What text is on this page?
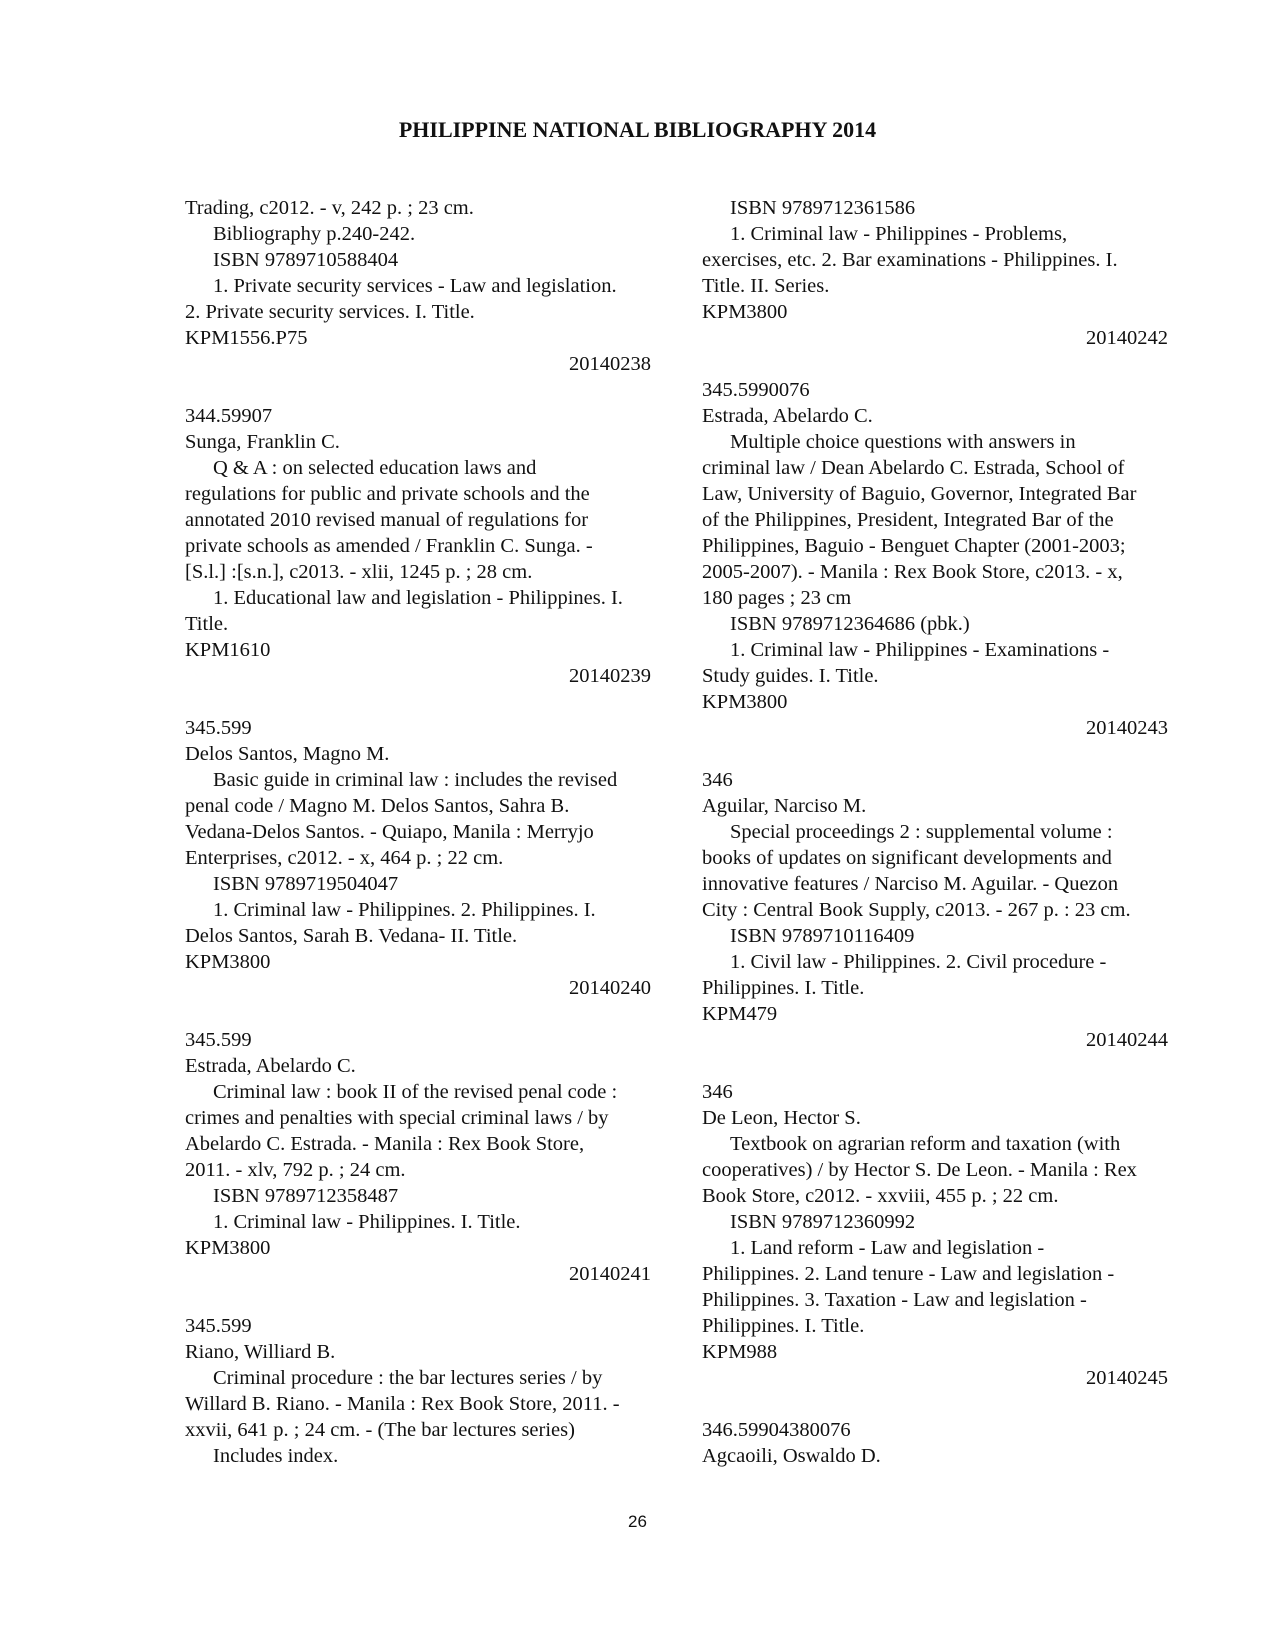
PHILIPPINE NATIONAL BIBLIOGRAPHY 2014

Trading, c2012. - v, 242 p. ; 23 cm.

Bibliography p.240-242.

ISBN 9789710588404

1. Private security services - Law and legislation.

2. Private security services. I. Title.

KPM1556.P75

20140238

344.59907

Sunga, Franklin C.

Q & A : on selected education laws and

regulations for public and private schools and the

annotated 2010 revised manual of regulations for

private schools as amended / Franklin C. Sunga. -

[S.l.] :[s.n.], c2013. - xlii, 1245 p. ; 28 cm.

1. Educational law and legislation - Philippines. I.

Title.

KPM1610

20140239

345.599

Delos Santos, Magno M.

Basic guide in criminal law : includes the revised

penal code / Magno M. Delos Santos, Sahra B.

Vedana-Delos Santos. - Quiapo, Manila : Merryjo

Enterprises, c2012. - x, 464 p. ; 22 cm.

ISBN 9789719504047

1. Criminal law - Philippines. 2. Philippines. I.

Delos Santos, Sarah B. Vedana- II. Title.

KPM3800

20140240

345.599

Estrada, Abelardo C.

Criminal law : book II of the revised penal code :

crimes and penalties with special criminal laws / by

Abelardo C. Estrada. - Manila : Rex Book Store,

2011. - xlv, 792 p. ; 24 cm.

ISBN 9789712358487

1. Criminal law - Philippines. I. Title.

KPM3800

20140241

345.599

Riano, Williard B.

Criminal procedure : the bar lectures series / by

Willard B. Riano. - Manila : Rex Book Store, 2011. -

xxvii, 641 p. ; 24 cm. - (The bar lectures series)

Includes index.

ISBN 9789712361586

1. Criminal law - Philippines - Problems,

exercises, etc. 2. Bar examinations - Philippines. I.

Title. II. Series.

KPM3800

20140242

345.5990076

Estrada, Abelardo C.

Multiple choice questions with answers in

criminal law / Dean Abelardo C. Estrada, School of

Law, University of Baguio, Governor, Integrated Bar

of the Philippines, President, Integrated Bar of the

Philippines, Baguio - Benguet Chapter (2001-2003;

2005-2007). - Manila : Rex Book Store, c2013. - x,

180 pages ; 23 cm

ISBN 9789712364686 (pbk.)

1. Criminal law - Philippines - Examinations -

Study guides. I. Title.

KPM3800

20140243

346

Aguilar, Narciso M.

Special proceedings 2 : supplemental volume :

books of updates on significant developments and

innovative features / Narciso M. Aguilar. - Quezon

City : Central Book Supply, c2013. - 267 p. : 23 cm.

ISBN 9789710116409

1. Civil law - Philippines. 2. Civil procedure -

Philippines. I. Title.

KPM479

20140244

346

De Leon, Hector S.

Textbook on agrarian reform and taxation (with

cooperatives) / by Hector S. De Leon. - Manila : Rex

Book Store, c2012. - xxviii, 455 p. ; 22 cm.

ISBN 9789712360992

1. Land reform - Law and legislation -

Philippines. 2. Land tenure - Law and legislation -

Philippines. 3. Taxation - Law and legislation -

Philippines. I. Title.

KPM988

20140245

346.59904380076

Agcaoili, Oswaldo D.

26
